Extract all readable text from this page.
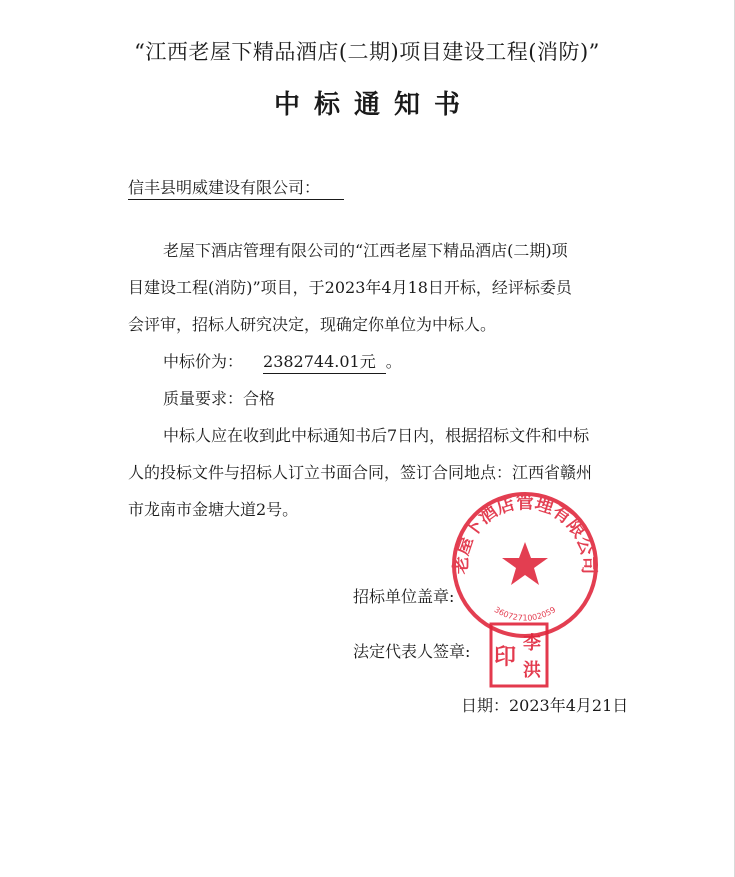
“江西老屋下精品酒店(二期)项目建设工程(消防)”
中标通知书
信丰县明威建设有限公司：
老屋下酒店管理有限公司的“江西老屋下精品酒店(二期)项
目建设工程(消防)”项目，于2023年4月18日开标，经评标委员
会评审，招标人研究决定，现确定你单位为中标人。
中标价为： 2382744.01元 。
质量要求：合格
中标人应在收到此中标通知书后7日内，根据招标文件和中标
人的投标文件与招标人订立书面合同，签订合同地点：江西省赣州
市龙南市金塘大道2号。
招标单位盖章:
法定代表人签章:
日期：2023年4月21日
老屋下酒店管理有限公司
3607271002059
印
李
洪
